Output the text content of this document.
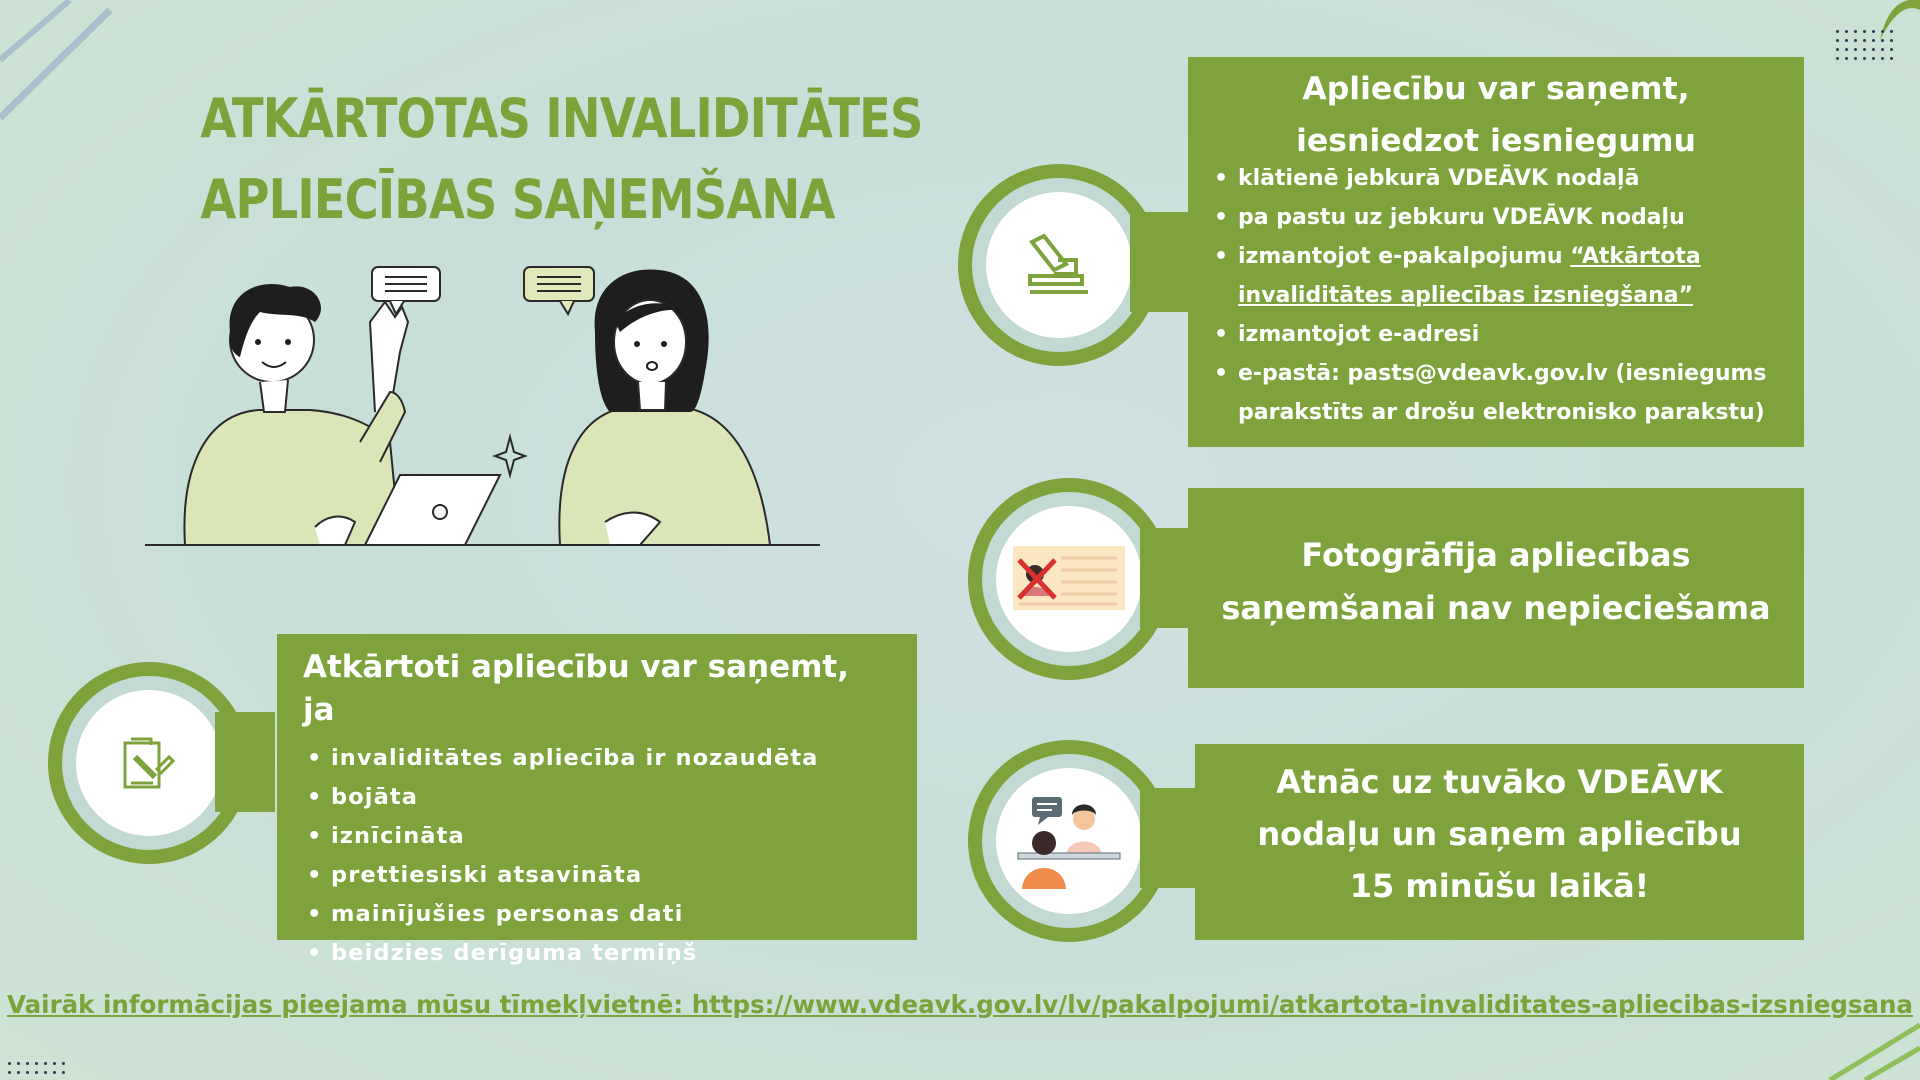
ATKĀRTOTAS INVALIDITĀTES
APLIECĪBAS SAŅEMŠANA
Atkārtoti apliecību var saņemt, ja
• invaliditātes apliecība ir nozaudēta
• bojāta
• iznīcināta
• prettiesiski atsavināta
• mainījušies personas dati
• beidzies derīguma termiņš
Apliecību var saņemt, iesniedzot iesniegumu
• klātienē jebkurā VDEĀVK nodaļā
• pa pastu uz jebkuru VDEĀVK nodaļu
• izmantojot e-pakalpojumu “Atkārtota invaliditātes apliecības izsniegšana”
• izmantojot e-adresi
• e-pastā: pasts@vdeavk.gov.lv (iesniegums parakstīts ar drošu elektronisko parakstu)
Fotogrāfija apliecības saņemšanai nav nepieciešama
Atnāc uz tuvāko VDEĀVK nodaļu un saņem apliecību 15 minūšu laikā!
Vairāk informācijas pieejama mūsu tīmekļvietnē: https://www.vdeavk.gov.lv/lv/pakalpojumi/atkartota-invaliditates-apliecibas-izsniegsana
